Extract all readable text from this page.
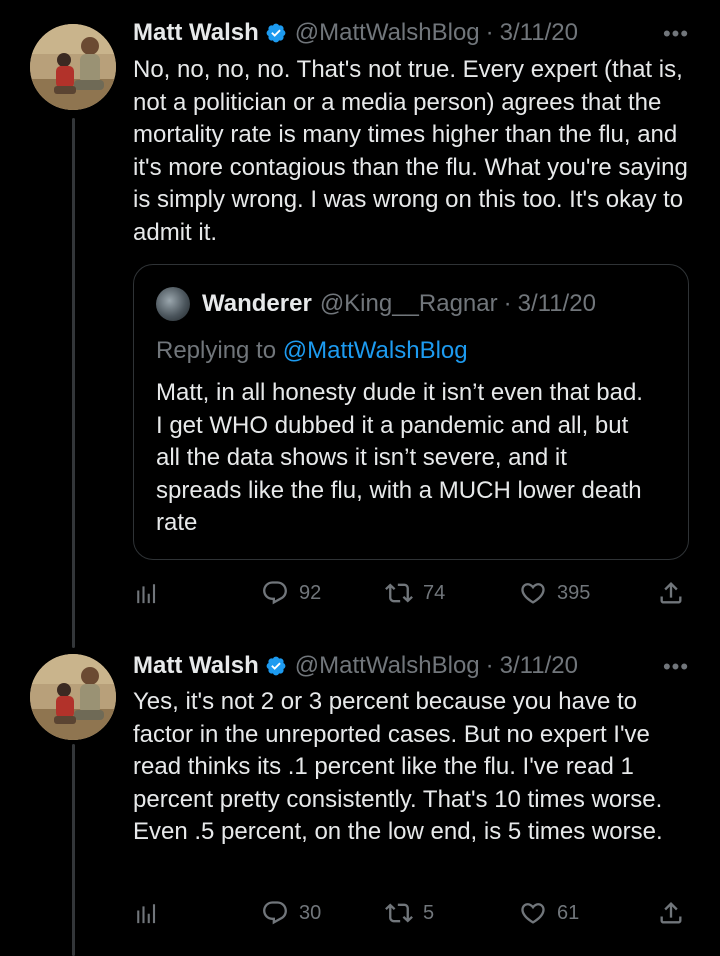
Matt Walsh @MattWalshBlog · 3/11/20	•••
No, no, no, no. That's not true. Every expert (that is, not a politician or a media person) agrees that the mortality rate is many times higher than the flu, and it's more contagious than the flu. What you're saying is simply wrong. I was wrong on this too. It's okay to admit it.
Wanderer @King__Ragnar · 3/11/20
Replying to @MattWalshBlog
Matt, in all honesty dude it isn’t even that bad. I get WHO dubbed it a pandemic and all, but all the data shows it isn’t severe, and it spreads like the flu, with a MUCH lower death rate
92	74	395
Matt Walsh @MattWalshBlog · 3/11/20	•••
Yes, it's not 2 or 3 percent because you have to factor in the unreported cases. But no expert I've read thinks its .1 percent like the flu. I've read 1 percent pretty consistently. That's 10 times worse. Even .5 percent, on the low end, is 5 times worse.
30	5	61
